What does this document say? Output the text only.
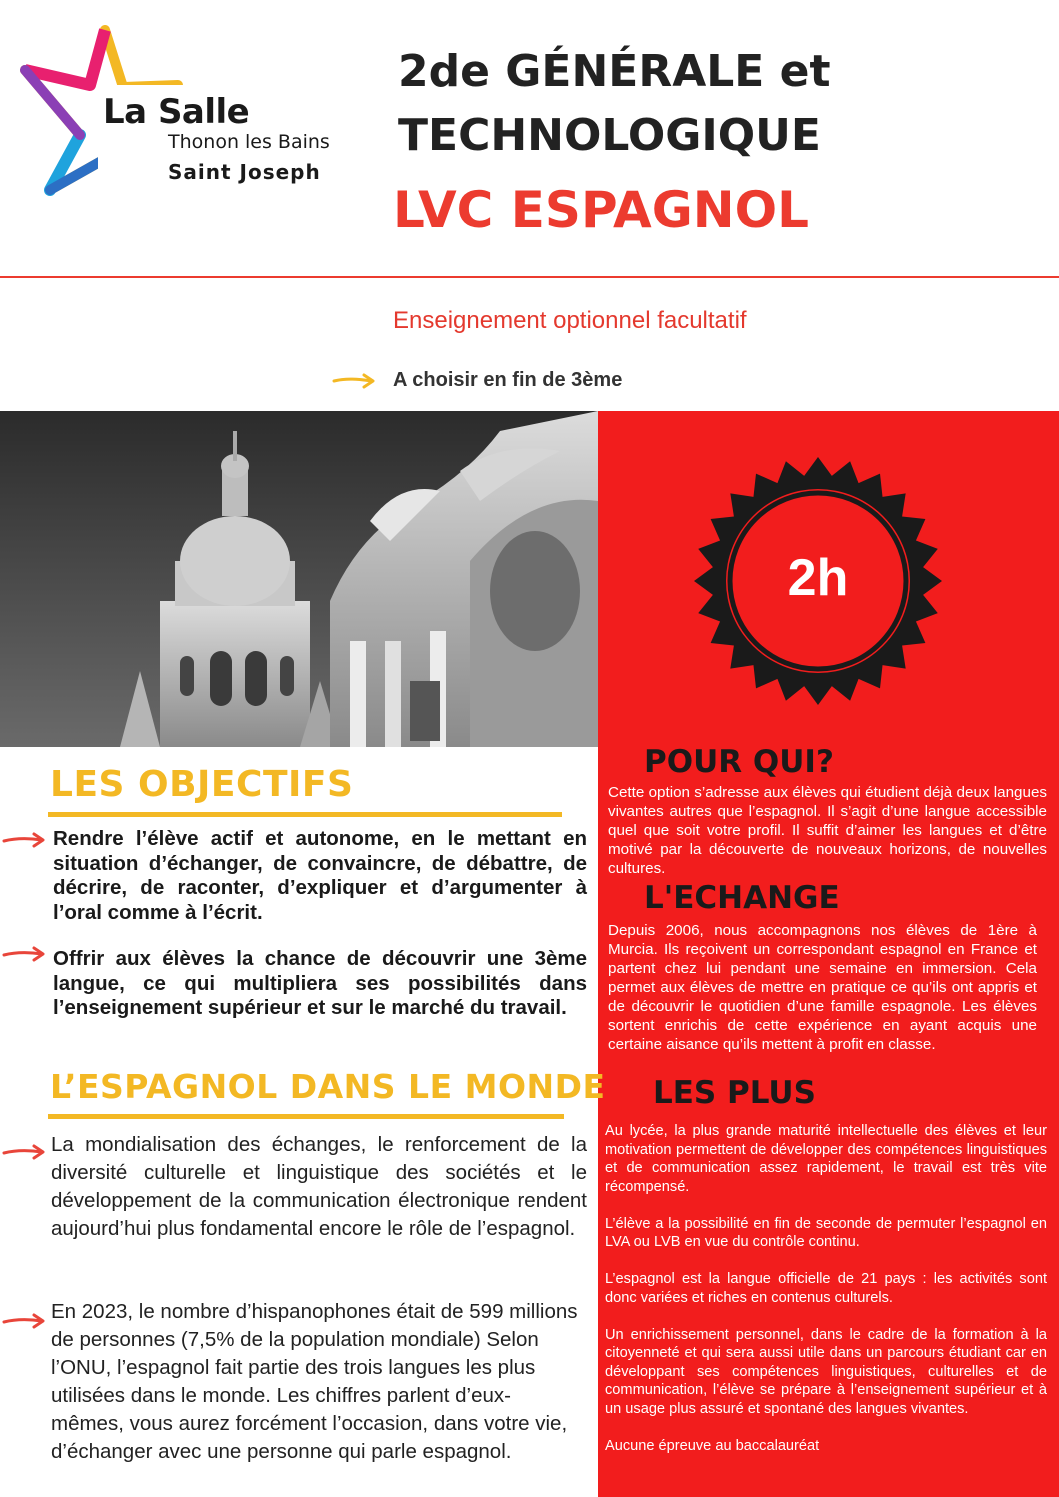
La Salle
Thonon les Bains
Saint Joseph
2de GÉNÉRALE et
TECHNOLOGIQUE
LVC ESPAGNOL
Enseignement optionnel facultatif
A choisir en fin de 3ème
2h
POUR QUI?
Cette option s’adresse aux élèves qui étudient déjà deux langues vivantes autres que l’espagnol. Il s’agit d’une langue accessible quel que soit votre profil. Il suffit d’aimer les langues et d’être motivé par la découverte de nouveaux horizons, de nouvelles cultures.
L'ECHANGE
Depuis 2006, nous accompagnons nos élèves de 1ère à Murcia. Ils reçoivent un correspondant espagnol en France et partent chez lui pendant une semaine en immersion. Cela permet aux élèves de mettre en pratique ce qu’ils ont appris et de découvrir le quotidien d’une famille espagnole. Les élèves sortent enrichis de cette expérience en ayant acquis une certaine aisance qu’ils mettent à profit en classe.
LES PLUS

Au lycée, la plus grande maturité intellectuelle des élèves et leur motivation permettent de développer des compétences linguistiques et de communication assez rapidement, le travail est très vite récompensé.

L’élève a la possibilité en fin de seconde de permuter l’espagnol en LVA ou LVB en vue du contrôle continu.

L’espagnol est la langue officielle de 21 pays : les activités sont donc variées et riches en contenus culturels.

Un enrichissement personnel, dans le cadre de la formation à la citoyenneté et qui sera aussi utile dans un parcours étudiant car en développant ses compétences linguistiques, culturelles et de communication, l’élève se prépare à l’enseignement supérieur et à un usage plus assuré et spontané des langues vivantes.

Aucune épreuve au baccalauréat

LES OBJECTIFS
Rendre l’élève actif et autonome, en le mettant en situation d’échanger, de convaincre, de débattre, de décrire, de raconter, d’expliquer et d’argumenter à l’oral comme à l’écrit.
Offrir aux élèves la chance de découvrir une 3ème langue, ce qui multipliera ses possibilités dans l’enseignement supérieur et sur le marché du travail.
L’ESPAGNOL DANS LE MONDE
La mondialisation des échanges, le renforcement de la diversité culturelle et linguistique des sociétés et le développement de la communication électronique rendent aujourd’hui plus fondamental encore le rôle de l’espagnol.
En 2023, le nombre d’hispanophones était de 599 millions de personnes (7,5% de la population mondiale) Selon l’ONU, l’espagnol fait partie des trois langues les plus utilisées dans le monde. Les chiffres parlent d’eux-mêmes, vous aurez forcément l’occasion, dans votre vie, d’échanger avec une personne qui parle espagnol.
